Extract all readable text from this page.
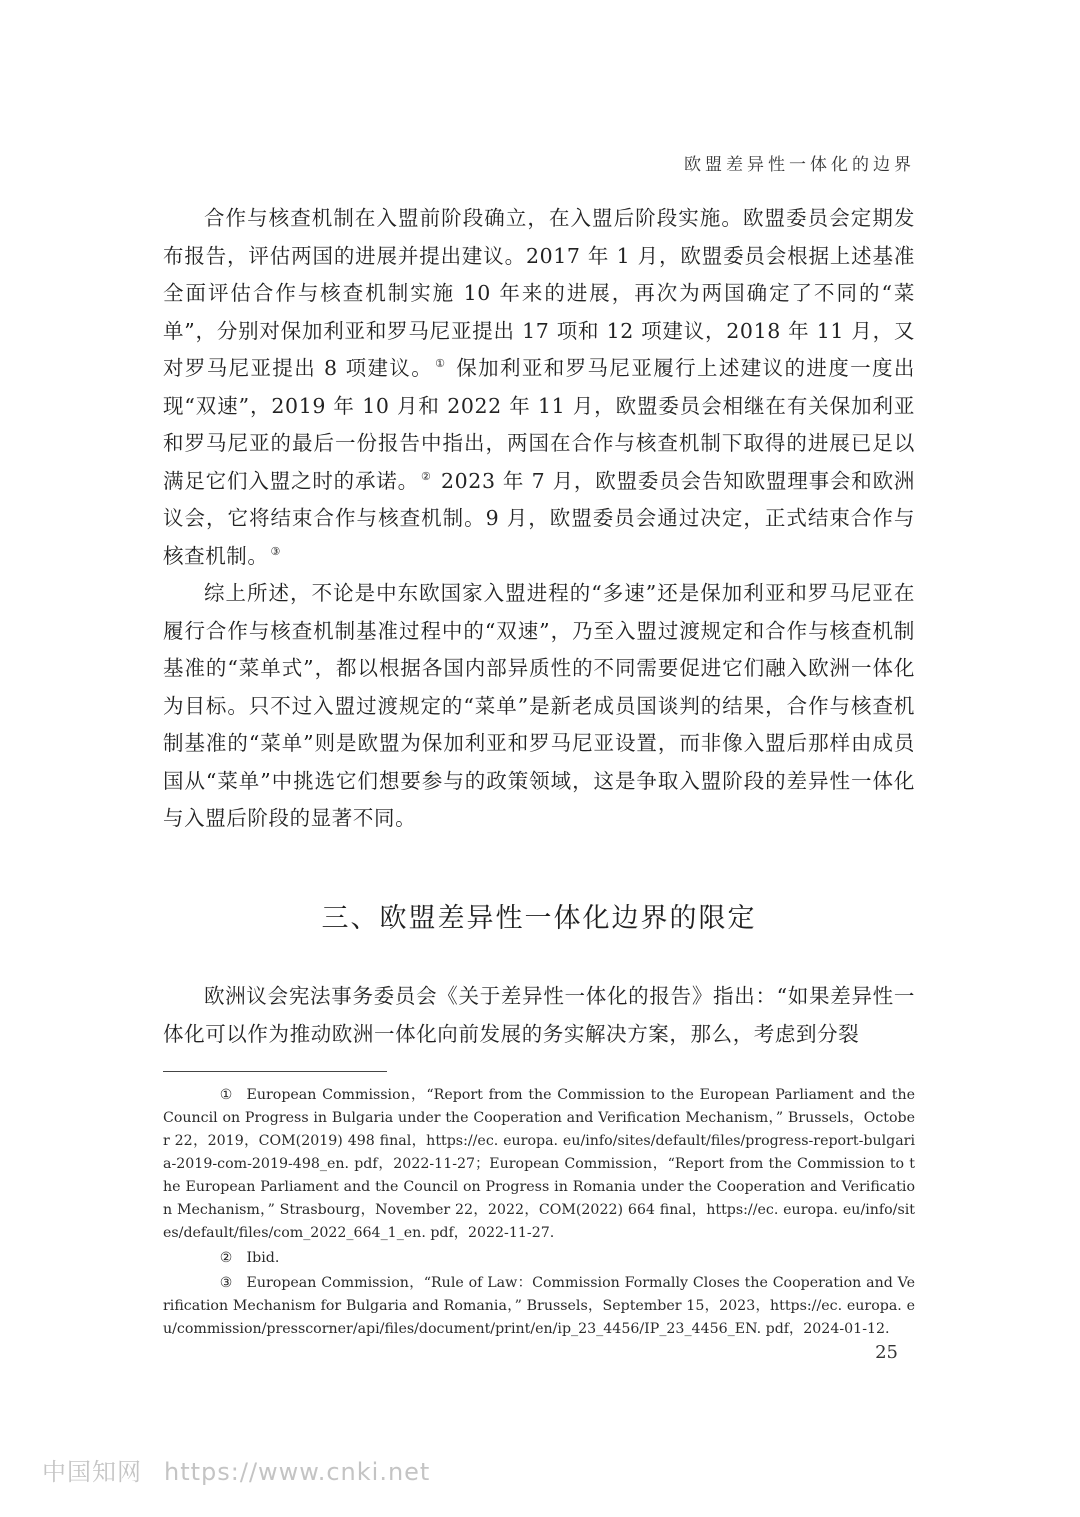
欧盟差异性一体化的边界

合作与核查机制在入盟前阶段确立，在入盟后阶段实施。欧盟委员会定期发布报告，评估两国的进展并提出建议。2017 年 1 月，欧盟委员会根据上述基准全面评估合作与核查机制实施 10 年来的进展，再次为两国确定了不同的“菜单”，分别对保加利亚和罗马尼亚提出 17 项和 12 项建议，2018 年 11 月，又对罗马尼亚提出 8 项建议。 ① 保加利亚和罗马尼亚履行上述建议的进度一度出现“双速”，2019 年 10 月和 2022 年 11 月，欧盟委员会相继在有关保加利亚和罗马尼亚的最后一份报告中指出，两国在合作与核查机制下取得的进展已足以满足它们入盟之时的承诺。 ② 2023 年 7 月，欧盟委员会告知欧盟理事会和欧洲议会，它将结束合作与核查机制。9 月，欧盟委员会通过决定，正式结束合作与核查机制。 ③

综上所述，不论是中东欧国家入盟进程的“多速”还是保加利亚和罗马尼亚在履行合作与核查机制基准过程中的“双速”，乃至入盟过渡规定和合作与核查机制基准的“菜单式”，都以根据各国内部异质性的不同需要促进它们融入欧洲一体化为目标。只不过入盟过渡规定的“菜单”是新老成员国谈判的结果，合作与核查机制基准的“菜单”则是欧盟为保加利亚和罗马尼亚设置，而非像入盟后那样由成员国从“菜单”中挑选它们想要参与的政策领域，这是争取入盟阶段的差异性一体化与入盟后阶段的显著不同。

三、欧盟差异性一体化边界的限定

欧洲议会宪法事务委员会《关于差异性一体化的报告》指出：“如果差异性一体化可以作为推动欧洲一体化向前发展的务实解决方案，那么，考虑到分裂

① European Commission，“Report from the Commission to the European Parliament and the Council on Progress in Bulgaria under the Cooperation and Verification Mechanism，” Brussels，October 22，2019，COM(2019) 498 final，https://ec. europa. eu/info/sites/default/files/progress-report-bulgaria-2019-com-2019-498_en. pdf，2022-11-27；European Commission，“Report from the Commission to the European Parliament and the Council on Progress in Romania under the Cooperation and Verification Mechanism，” Strasbourg，November 22，2022，COM(2022) 664 final，https://ec. europa. eu/info/sites/default/files/com_2022_664_1_en. pdf，2022-11-27.

② Ibid.

③ European Commission，“Rule of Law：Commission Formally Closes the Cooperation and Verification Mechanism for Bulgaria and Romania，” Brussels，September 15，2023，https://ec. europa. eu/commission/presscorner/api/files/document/print/en/ip_23_4456/IP_23_4456_EN. pdf，2024-01-12.

25
中国知网 https://www.cnki.net
